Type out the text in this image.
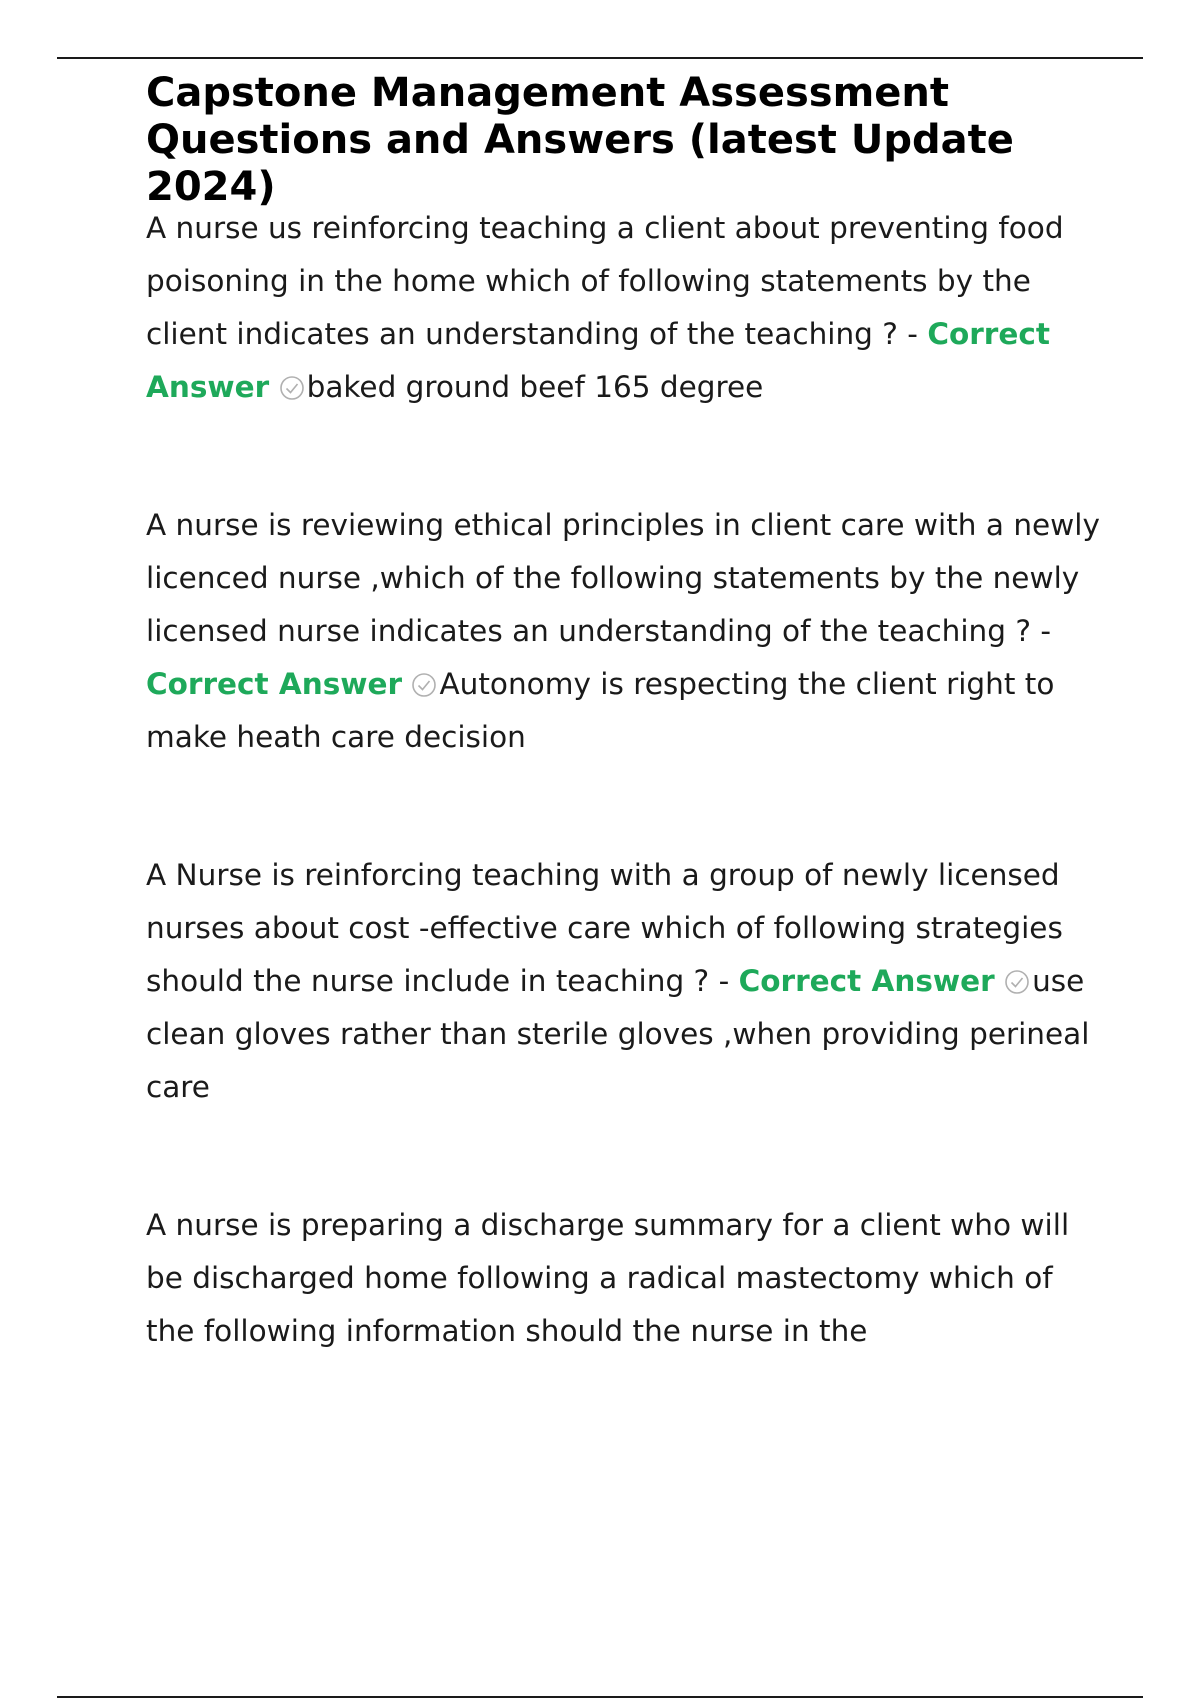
Capstone Management Assessment Questions and Answers (latest Update 2024)

A nurse us reinforcing teaching a client about preventing food poisoning in the home which of following statements by the client indicates an understanding of the teaching ? - Correct Answer baked ground beef 165 degree

A nurse is reviewing ethical principles in client care with a newly licenced nurse ,which of the following statements by the newly licensed nurse indicates an understanding of the teaching ? - Correct Answer Autonomy is respecting the client right to make heath care decision

A Nurse is reinforcing teaching with a group of newly licensed nurses about cost -effective care which of following strategies should the nurse include in teaching ? - Correct Answer use clean gloves rather than sterile gloves ,when providing perineal care

A nurse is preparing a discharge summary for a client who will be discharged home following a radical mastectomy which of the following information should the nurse in the
